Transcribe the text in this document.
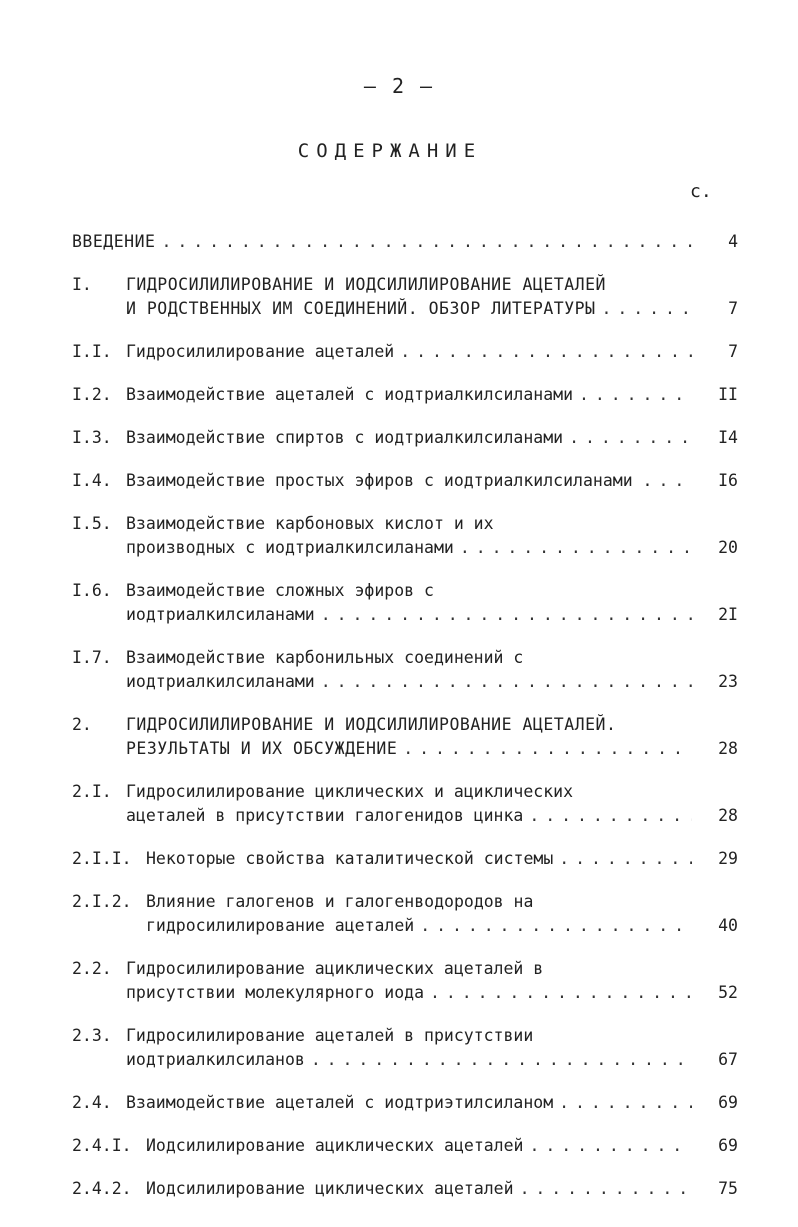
– 2 –
СОДЕРЖАНИЕ
с.
ВВЕДЕНИЕ . . .	4
I.	ГИДРОСИЛИЛИРОВАНИЕ И ИОДСИЛИЛИРОВАНИЕ АЦЕТАЛЕЙ
И РОДСТВЕННЫХ ИМ СОЕДИНЕНИЙ. ОБЗОР ЛИТЕРАТУРЫ . . .	7
I.I. Гидросилилирование ацеталей . . .	7
I.2. Взаимодействие ацеталей с иодтриалкилсиланами . . .	II
I.3. Взаимодействие спиртов с иодтриалкилсиланами . . .	I4
I.4. Взаимодействие простых эфиров с иодтриалкилсиланами . . . .	I6
I.5. Взаимодействие карбоновых кислот и их
производных с иодтриалкилсиланами . . .	20
I.6. Взаимодействие сложных эфиров с
иодтриалкилсиланами . . .	2I
I.7. Взаимодействие карбонильных соединений с
иодтриалкилсиланами . . .	23
2.	ГИДРОСИЛИЛИРОВАНИЕ И ИОДСИЛИЛИРОВАНИЕ АЦЕТАЛЕЙ.
РЕЗУЛЬТАТЫ И ИХ ОБСУЖДЕНИЕ . . .	28
2.I. Гидросилилирование циклических и ациклических
ацеталей в присутствии галогенидов цинка . . .	28
2.I.I. Некоторые свойства каталитической системы . . .	29
2.I.2. Влияние галогенов и галогенводородов на
гидросилилирование ацеталей . . .	40
2.2. Гидросилилирование ациклических ацеталей в
присутствии молекулярного иода . . .	52
2.3. Гидросилилирование ацеталей в присутствии
иодтриалкилсиланов . . .	67
2.4. Взаимодействие ацеталей с иодтриэтилсиланом . . .	69
2.4.I. Иодсилилирование ациклических ацеталей . . .	69
2.4.2. Иодсилилирование циклических ацеталей . . .	75
